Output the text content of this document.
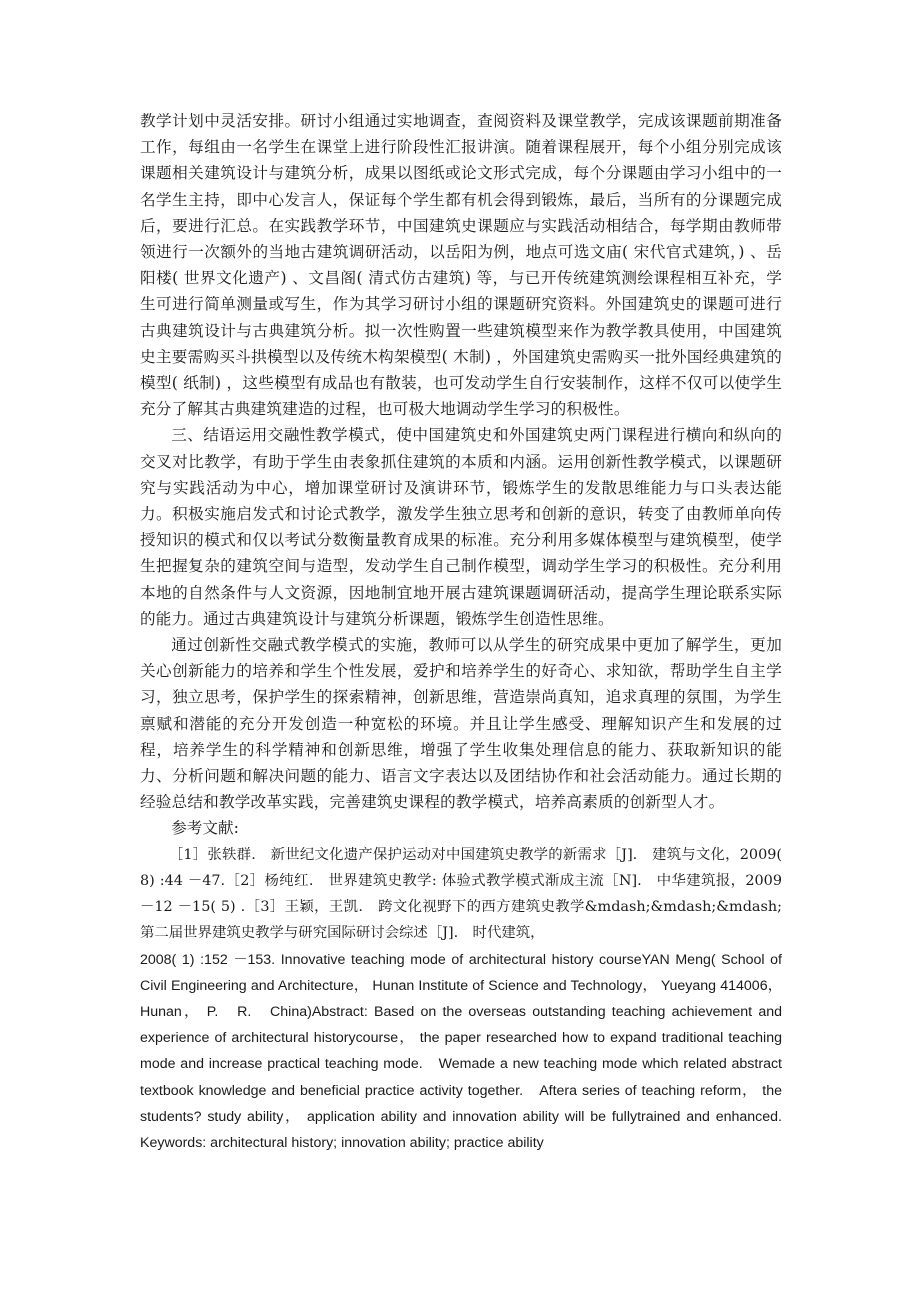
教学计划中灵活安排。研讨小组通过实地调查，查阅资料及课堂教学，完成该课题前期准备工作，每组由一名学生在课堂上进行阶段性汇报讲演。随着课程展开，每个小组分别完成该课题相关建筑设计与建筑分析，成果以图纸或论文形式完成，每个分课题由学习小组中的一名学生主持，即中心发言人，保证每个学生都有机会得到锻炼，最后，当所有的分课题完成后，要进行汇总。在实践教学环节，中国建筑史课题应与实践活动相结合，每学期由教师带领进行一次额外的当地古建筑调研活动，以岳阳为例，地点可选文庙( 宋代官式建筑，) 、岳阳楼( 世界文化遗产) 、文昌阁( 清式仿古建筑) 等，与已开传统建筑测绘课程相互补充，学生可进行简单测量或写生，作为其学习研讨小组的课题研究资料。外国建筑史的课题可进行古典建筑设计与古典建筑分析。拟一次性购置一些建筑模型来作为教学教具使用，中国建筑史主要需购买斗拱模型以及传统木构架模型( 木制) ，外国建筑史需购买一批外国经典建筑的模型( 纸制) ，这些模型有成品也有散装，也可发动学生自行安装制作，这样不仅可以使学生充分了解其古典建筑建造的过程，也可极大地调动学生学习的积极性。

三、结语运用交融性教学模式，使中国建筑史和外国建筑史两门课程进行横向和纵向的交叉对比教学，有助于学生由表象抓住建筑的本质和内涵。运用创新性教学模式，以课题研究与实践活动为中心，增加课堂研讨及演讲环节，锻炼学生的发散思维能力与口头表达能力。积极实施启发式和讨论式教学，激发学生独立思考和创新的意识，转变了由教师单向传授知识的模式和仅以考试分数衡量教育成果的标准。充分利用多媒体模型与建筑模型，使学生把握复杂的建筑空间与造型，发动学生自己制作模型，调动学生学习的积极性。充分利用本地的自然条件与人文资源，因地制宜地开展古建筑课题调研活动，提高学生理论联系实际的能力。通过古典建筑设计与建筑分析课题，锻炼学生创造性思维。

通过创新性交融式教学模式的实施，教师可以从学生的研究成果中更加了解学生，更加关心创新能力的培养和学生个性发展，爱护和培养学生的好奇心、求知欲，帮助学生自主学习，独立思考，保护学生的探索精神，创新思维，营造崇尚真知，追求真理的氛围，为学生禀赋和潜能的充分开发创造一种宽松的环境。并且让学生感受、理解知识产生和发展的过程，培养学生的科学精神和创新思维，增强了学生收集处理信息的能力、获取新知识的能力、分析问题和解决问题的能力、语言文字表达以及团结协作和社会活动能力。通过长期的经验总结和教学改革实践，完善建筑史课程的教学模式，培养高素质的创新型人才。

参考文献:

［1］张轶群.　新世纪文化遗产保护运动对中国建筑史教学的新需求［J].　建筑与文化，2009( 8) :44 －47.［2］杨纯红.　世界建筑史教学: 体验式教学模式渐成主流［N].　中华建筑报，2009 －12 －15( 5) .［3］王颖，王凯.　跨文化视野下的西方建筑史教学&mdash;&mdash;&mdash;第二届世界建筑史教学与研究国际研讨会综述［J].　时代建筑，

2008( 1) :152 －153. Innovative teaching mode of architectural history courseYAN Meng( School of Civil Engineering and Architecture， Hunan Institute of Science and Technology， Yueyang 414006， Hunan， P.　R.　China)Abstract: Based on the overseas outstanding teaching achievement and experience of architectural historycourse， the paper researched how to expand traditional teaching mode and increase practical teaching mode.　Wemade a new teaching mode which related abstract textbook knowledge and beneficial practice activity together.　Aftera series of teaching reform， the students? study ability， application ability and innovation ability will be fullytrained and enhanced.　Keywords: architectural history; innovation ability; practice ability
